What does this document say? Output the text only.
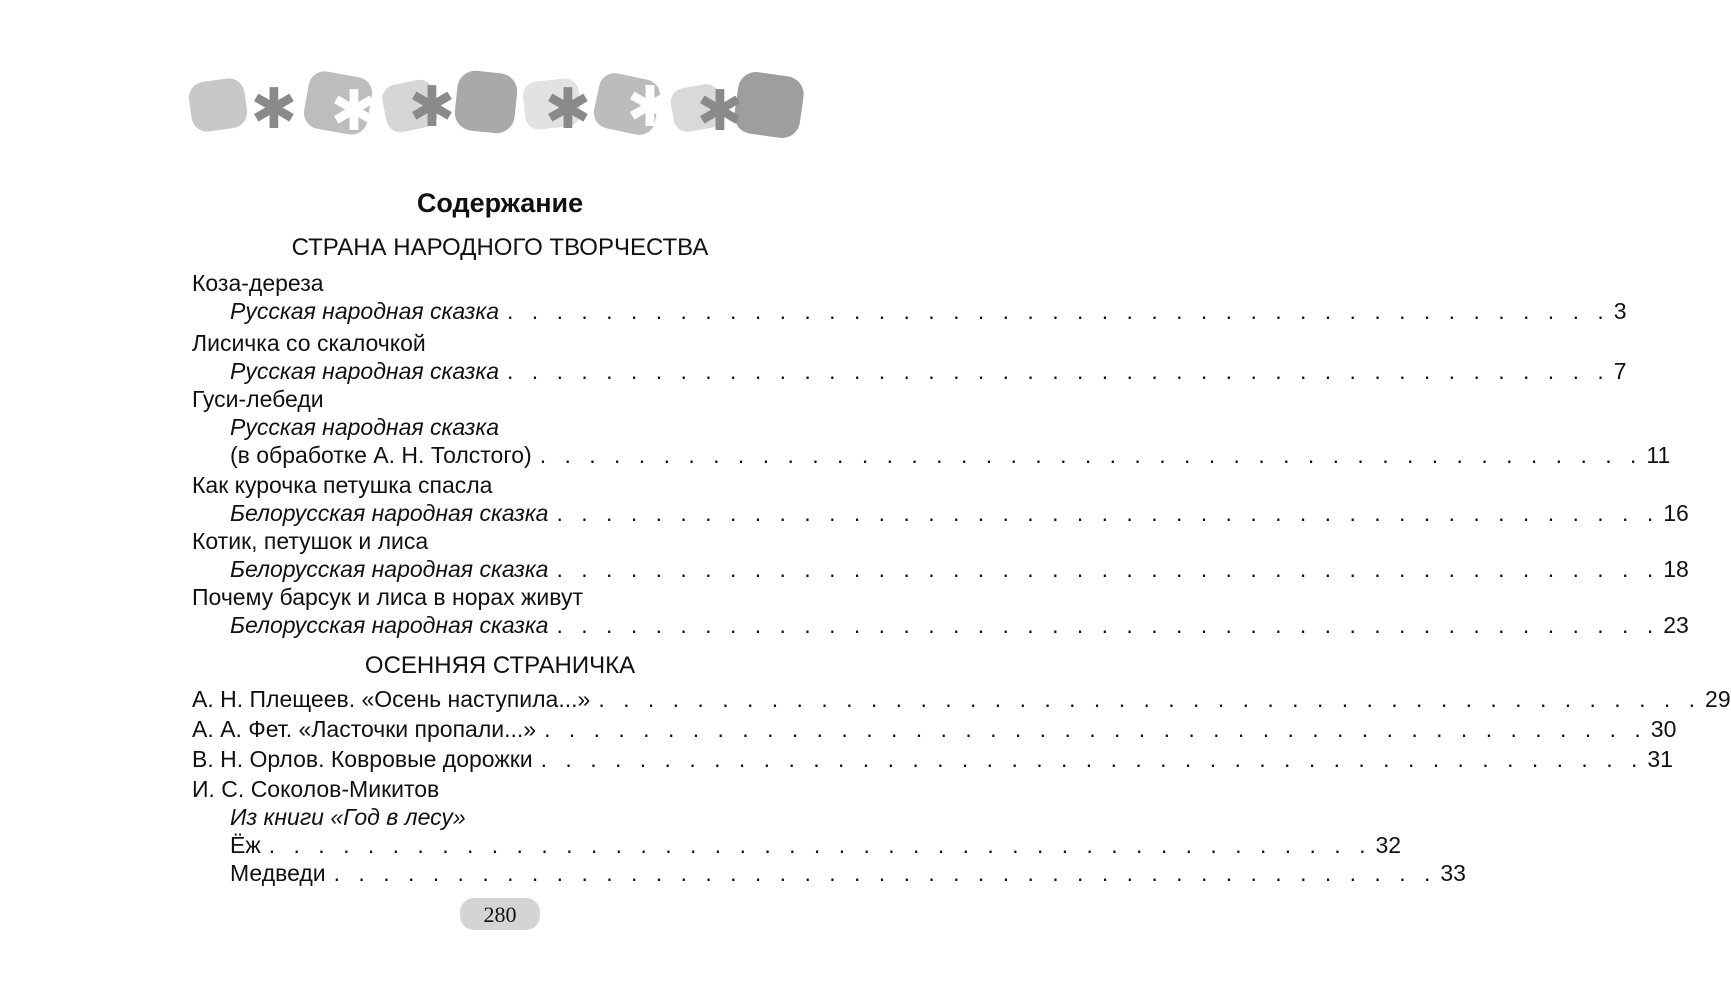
✱ ✱ ✱ ✱ ✱ ✱
Содержание
СТРАНА НАРОДНОГО ТВОРЧЕСТВА
Коза-дереза
Русская народная сказка . . . . . . . . . . . . . . . . . . . . . . . . . . . . . . . . . . . . . . . . . . . . . 3
Лисичка со скалочкой
Русская народная сказка . . . . . . . . . . . . . . . . . . . . . . . . . . . . . . . . . . . . . . . . . . . . . 7
Гуси-лебеди
Русская народная сказка
(в обработке А. Н. Толстого) . . . . . . . . . . . . . . . . . . . . . . . . . . . . . . . . . . . . . . . . . . . . . 11
Как курочка петушка спасла
Белорусская народная сказка . . . . . . . . . . . . . . . . . . . . . . . . . . . . . . . . . . . . . . . . . . . . . 16
Котик, петушок и лиса
Белорусская народная сказка . . . . . . . . . . . . . . . . . . . . . . . . . . . . . . . . . . . . . . . . . . . . . 18
Почему барсук и лиса в норах живут
Белорусская народная сказка . . . . . . . . . . . . . . . . . . . . . . . . . . . . . . . . . . . . . . . . . . . . . 23
ОСЕННЯЯ СТРАНИЧКА
А. Н. Плещеев. «Осень наступила...» . . . . . . . . . . . . . . . . . . . . . . . . . . . . . . . . . . . . . . . . . . . . . 29
А. А. Фет. «Ласточки пропали...» . . . . . . . . . . . . . . . . . . . . . . . . . . . . . . . . . . . . . . . . . . . . . 30
В. Н. Орлов. Ковровые дорожки . . . . . . . . . . . . . . . . . . . . . . . . . . . . . . . . . . . . . . . . . . . . . 31
И. С. Соколов-Микитов
Из книги «Год в лесу»
Ёж . . . . . . . . . . . . . . . . . . . . . . . . . . . . . . . . . . . . . . . . . . . . . 32
Медведи . . . . . . . . . . . . . . . . . . . . . . . . . . . . . . . . . . . . . . . . . . . . . 33
280
